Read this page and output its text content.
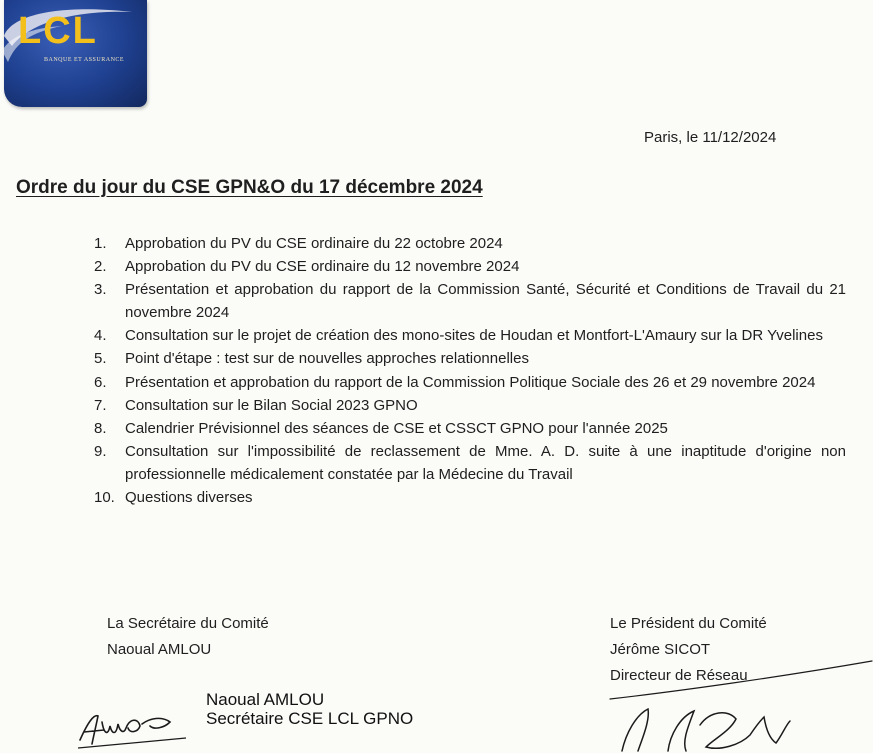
LCL
BANQUE ET ASSURANCE
Paris, le 11/12/2024
Ordre du jour du CSE GPN&O du 17 décembre 2024
1.	Approbation du PV du CSE ordinaire du 22 octobre 2024
2.	Approbation du PV du CSE ordinaire du 12 novembre 2024
3.	Présentation et approbation du rapport de la Commission Santé, Sécurité et Conditions de Travail du 21 novembre 2024
4.	Consultation sur le projet de création des mono-sites de Houdan et Montfort-L'Amaury sur la DR Yvelines
5.	Point d'étape : test sur de nouvelles approches relationnelles
6.	Présentation et approbation du rapport de la Commission Politique Sociale des 26 et 29 novembre 2024
7.	Consultation sur le Bilan Social 2023 GPNO
8.	Calendrier Prévisionnel des séances de CSE et CSSCT GPNO pour l'année 2025
9.	Consultation sur l'impossibilité de reclassement de Mme. A. D. suite à une inaptitude d'origine non professionnelle médicalement constatée par la Médecine du Travail
10. Questions diverses
La Secrétaire du Comité
Naoual AMLOU
Le Président du Comité
Jérôme SICOT
Directeur de Réseau
Naoual AMLOU
Secrétaire CSE LCL GPNO
